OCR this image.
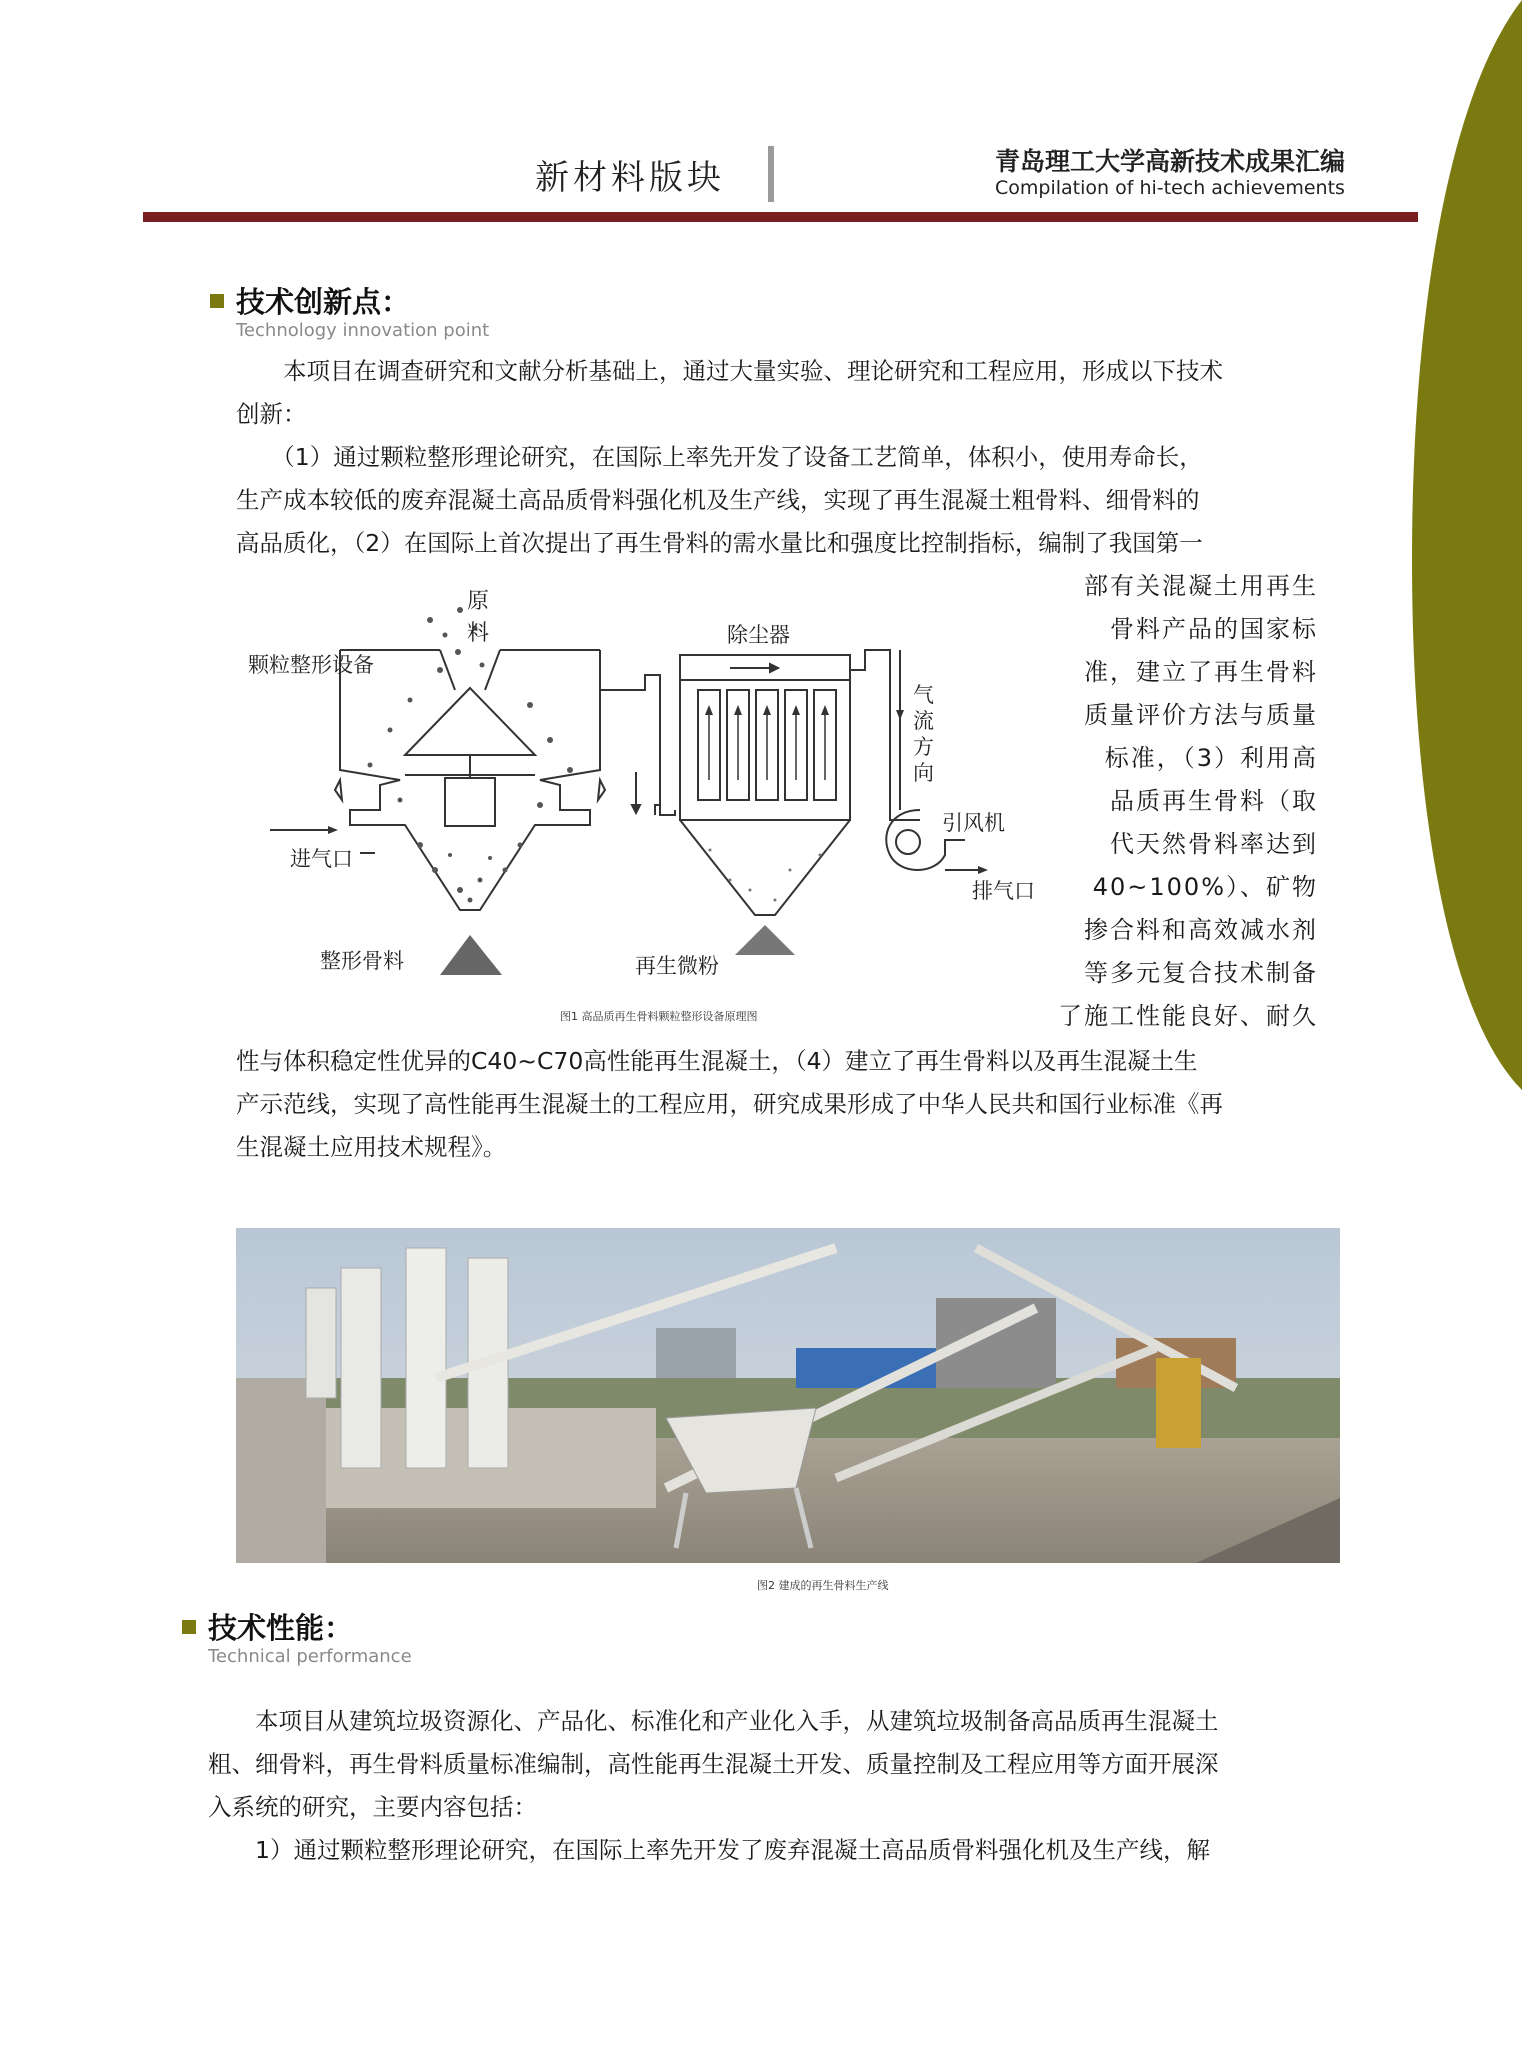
新材料版块	青岛理工大学高新技术成果汇编
Compilation of hi-tech achievements
技术创新点：
Technology innovation point
　　本项目在调查研究和文献分析基础上，通过大量实验、理论研究和工程应用，形成以下技术
创新：
　　（1）通过颗粒整形理论研究，在国际上率先开发了设备工艺简单，体积小，使用寿命长，
生产成本较低的废弃混凝土高品质骨料强化机及生产线，实现了再生混凝土粗骨料、细骨料的
高品质化，（2）在国际上首次提出了再生骨料的需水量比和强度比控制指标，编制了我国第一
部有关混凝土用再生
骨料产品的国家标
准，建立了再生骨料
质量评价方法与质量
标准，（3）利用高
品质再生骨料（取
代天然骨料率达到
40~100%）、矿物
掺合料和高效减水剂
等多元复合技术制备
了施工性能良好、耐久
原
料
颗粒整形设备
除尘器
气
流
方
向
引风机
进气口
排气口
整形骨料	再生微粉
图1 高品质再生骨料颗粒整形设备原理图
性与体积稳定性优异的C40~C70高性能再生混凝土，（4）建立了再生骨料以及再生混凝土生
产示范线，实现了高性能再生混凝土的工程应用，研究成果形成了中华人民共和国行业标准《再
生混凝土应用技术规程》。
图2 建成的再生骨料生产线
技术性能：
Technical performance
　　本项目从建筑垃圾资源化、产品化、标准化和产业化入手，从建筑垃圾制备高品质再生混凝土
粗、细骨料，再生骨料质量标准编制，高性能再生混凝土开发、质量控制及工程应用等方面开展深
入系统的研究，主要内容包括：
　　1）通过颗粒整形理论研究，在国际上率先开发了废弃混凝土高品质骨料强化机及生产线，解
